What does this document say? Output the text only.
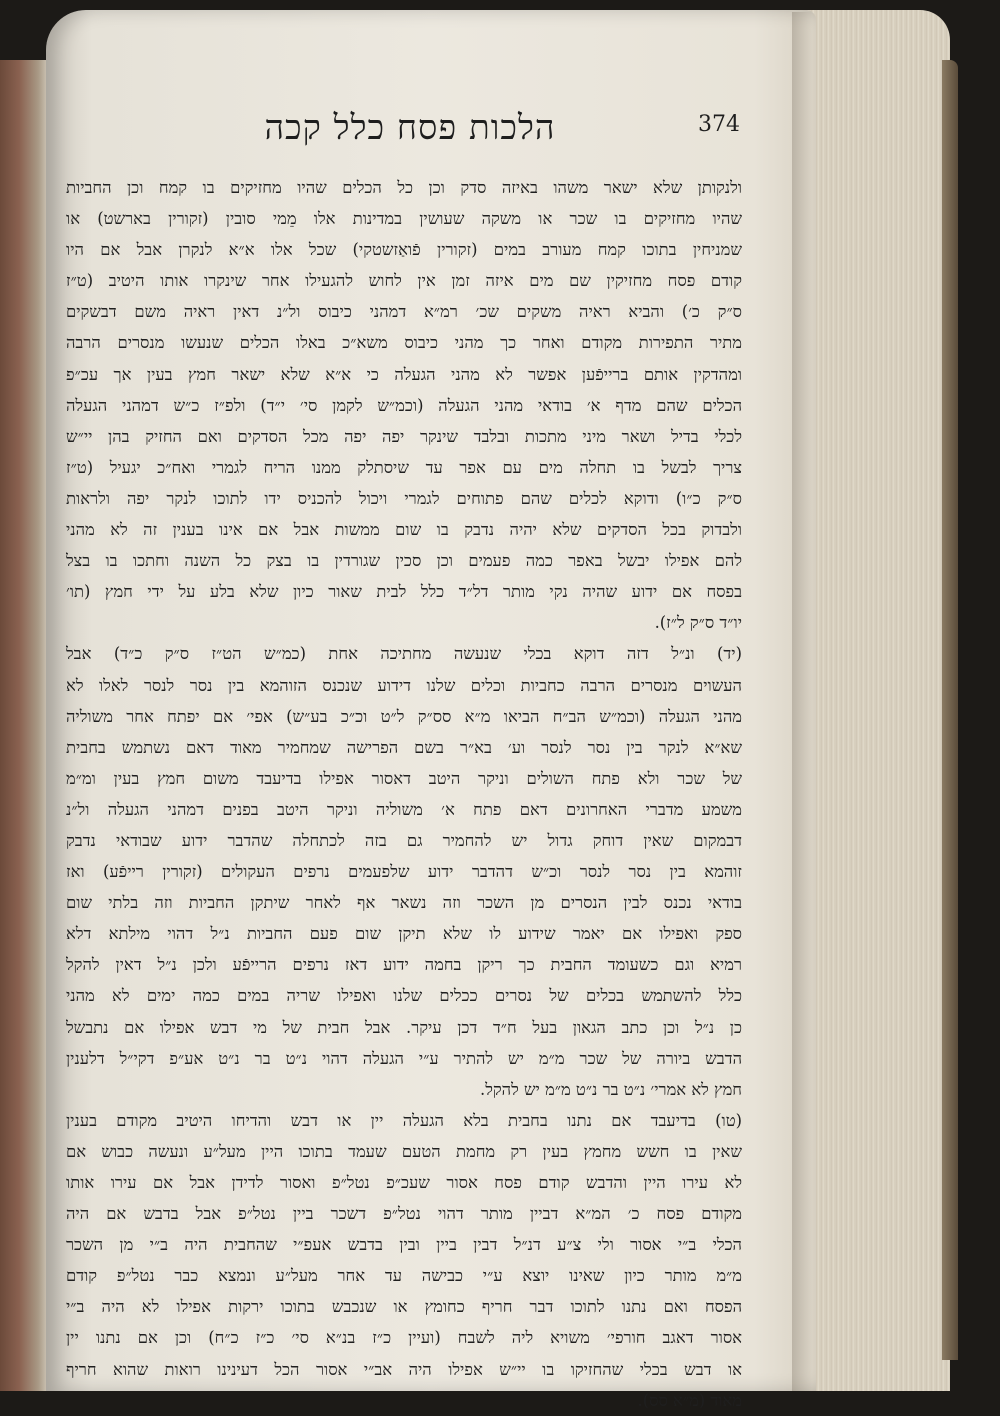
הלכות פסח כלל קכה	374
ולנקותן שלא ישאר משהו באיזה סדק וכן כל הכלים שהיו מחזיקים בו קמח וכן החביות
שהיו מחזיקים בו שכר או משקה שעושין במדינות אלו מֵמי סובין (זקורין בארשט) או
שמניחין בתוכו קמח מעורב במים (זקורין פֿואַזשטקי) שכל אלו א״א לנקרן אבל אם היו
קודם פסח מחזיקין שם מים איזה זמן אין לחוש להגעילו אחר שינקרו אותו היטיב (ט״ז
ס״ק כ׳) והביא ראיה משקים שכ׳ רמ״א דמהני כיבוס ול״נ דאין ראיה משם דבשקים
מתיר התפירות מקודם ואחר כך מהני כיבוס משא״כ באלו הכלים שנעשו מנסרים הרבה
ומהדקין אותם ברייפֿען אפשר לא מהני הגעלה כי א״א שלא ישאר חמץ בעין אך עכ״פ
הכלים שהם מדף א׳ בודאי מהני הגעלה (וכמ״ש לקמן סי׳ י״ד) ולפ״ז כ״ש דמהני הגעלה
לכלי בדיל ושאר מיני מתכות ובלבד שינקר יפה יפה מכל הסדקים ואם החזיק בהן יי״ש
צריך לבשל בו תחלה מים עם אפר עד שיסתלק ממנו הריח לגמרי ואח״כ יגעיל (ט״ז
ס״ק כ״ו) ודוקא לכלים שהם פתוחים לגמרי ויכול להכניס ידו לתוכו לנקר יפה ולראות
ולבדוק בכל הסדקים שלא יהיה נדבק בו שום ממשות אבל אם אינו בענין זה לא מהני
להם אפילו יבשל באפר כמה פעמים וכן סכין שגורדין בו בצק כל השנה וחתכו בו בצל
בפסח אם ידוע שהיה נקי מותר דל״ד כלל לבית שאור כיון שלא בלע על ידי חמץ (תו׳
יו״ד ס״ק ל״ז).
(יד) ונ״ל דזה דוקא בכלי שנעשה מחתיכה אחת (כמ״ש הט״ז ס״ק כ״ד) אבל
העשוים מנסרים הרבה כחביות וכלים שלנו דידוע שנכנס הזוהמא בין נסר לנסר לאלו לא
מהני הגעלה (וכמ״ש הב״ח הביאו מ״א סס״ק ל״ט וכ״כ בע״ש) אפי׳ אם יפתח אחר משוליה
שא״א לנקר בין נסר לנסר וע׳ בא״ר בשם הפרישה שמחמיר מאוד דאם נשתמש בחבית
של שכר ולא פתח השולים וניקר היטב דאסור אפילו בדיעבד משום חמץ בעין ומ״מ
משמע מדברי האחרונים דאם פתח א׳ משוליה וניקר היטב בפנים דמהני הגעלה ול״נ
דבמקום שאין דוחק גדול יש להחמיר גם בזה לכתחלה שהדבר ידוע שבודאי נדבק
זוהמא בין נסר לנסר וכ״ש דהדבר ידוע שלפעמים נרפים העקולים (זקורין רייפֿע) ואז
בודאי נכנס לבין הנסרים מן השכר וזה נשאר אף לאחר שיתקן החביות וזה בלתי שום
ספק ואפילו אם יאמר שידוע לו שלא תיקן שום פעם החביות נ״ל דהוי מילתא דלא
רמיא וגם כשעומד החבית כך ריקן בחמה ידוע דאז נרפים הרייפֿע ולכן נ״ל דאין להקל
כלל להשתמש בכלים של נסרים ככלים שלנו ואפילו שריה במים כמה ימים לא מהני
כן נ״ל וכן כתב הגאון בעל ח״ד דכן עיקר. אבל חבית של מי דבש אפילו אם נתבשל
הדבש ביורה של שכר מ״מ יש להתיר ע״י הגעלה דהוי נ״ט בר נ״ט אע״פ דקי״ל דלענין
חמץ לא אמרי׳ נ״ט בר נ״ט מ״מ יש להקל.
(טו) בדיעבד אם נתנו בחבית בלא הגעלה יין או דבש והדיחו היטיב מקודם בענין
שאין בו חשש מחמץ בעין רק מחמת הטעם שעמד בתוכו היין מעל״ע ונעשה כבוש אם
לא עירו היין והדבש קודם פסח אסור שעכ״פ נטל״פ ואסור לדידן אבל אם עירו אותו
מקודם פסח כ׳ המ״א דביין מותר דהוי נטל״פ דשכר ביין נטל״פ אבל בדבש אם היה
הכלי ב״י אסור ולי צ״ע דנ״ל דבין ביין ובין בדבש אעפ״י שהחבית היה ב״י מן השכר
מ״מ מותר כיון שאינו יוצא ע״י כבישה עד אחר מעל״ע ונמצא כבר נטל״פ קודם
הפסח ואם נתנו לתוכו דבר חריף כחומץ או שנכבש בתוכו ירקות אפילו לא היה ב״י
אסור דאגב חורפי׳ משויא ליה לשבח (ועיין כ״ז בנ״א סי׳ כ״ז כ״ח) וכן אם נתנו יין
או דבש בכלי שהחזיקו בו יי״ש אפילו היה אב״י אסור הכל דעינינו רואות שהוא חריף
מאוד (מ״א סס).
